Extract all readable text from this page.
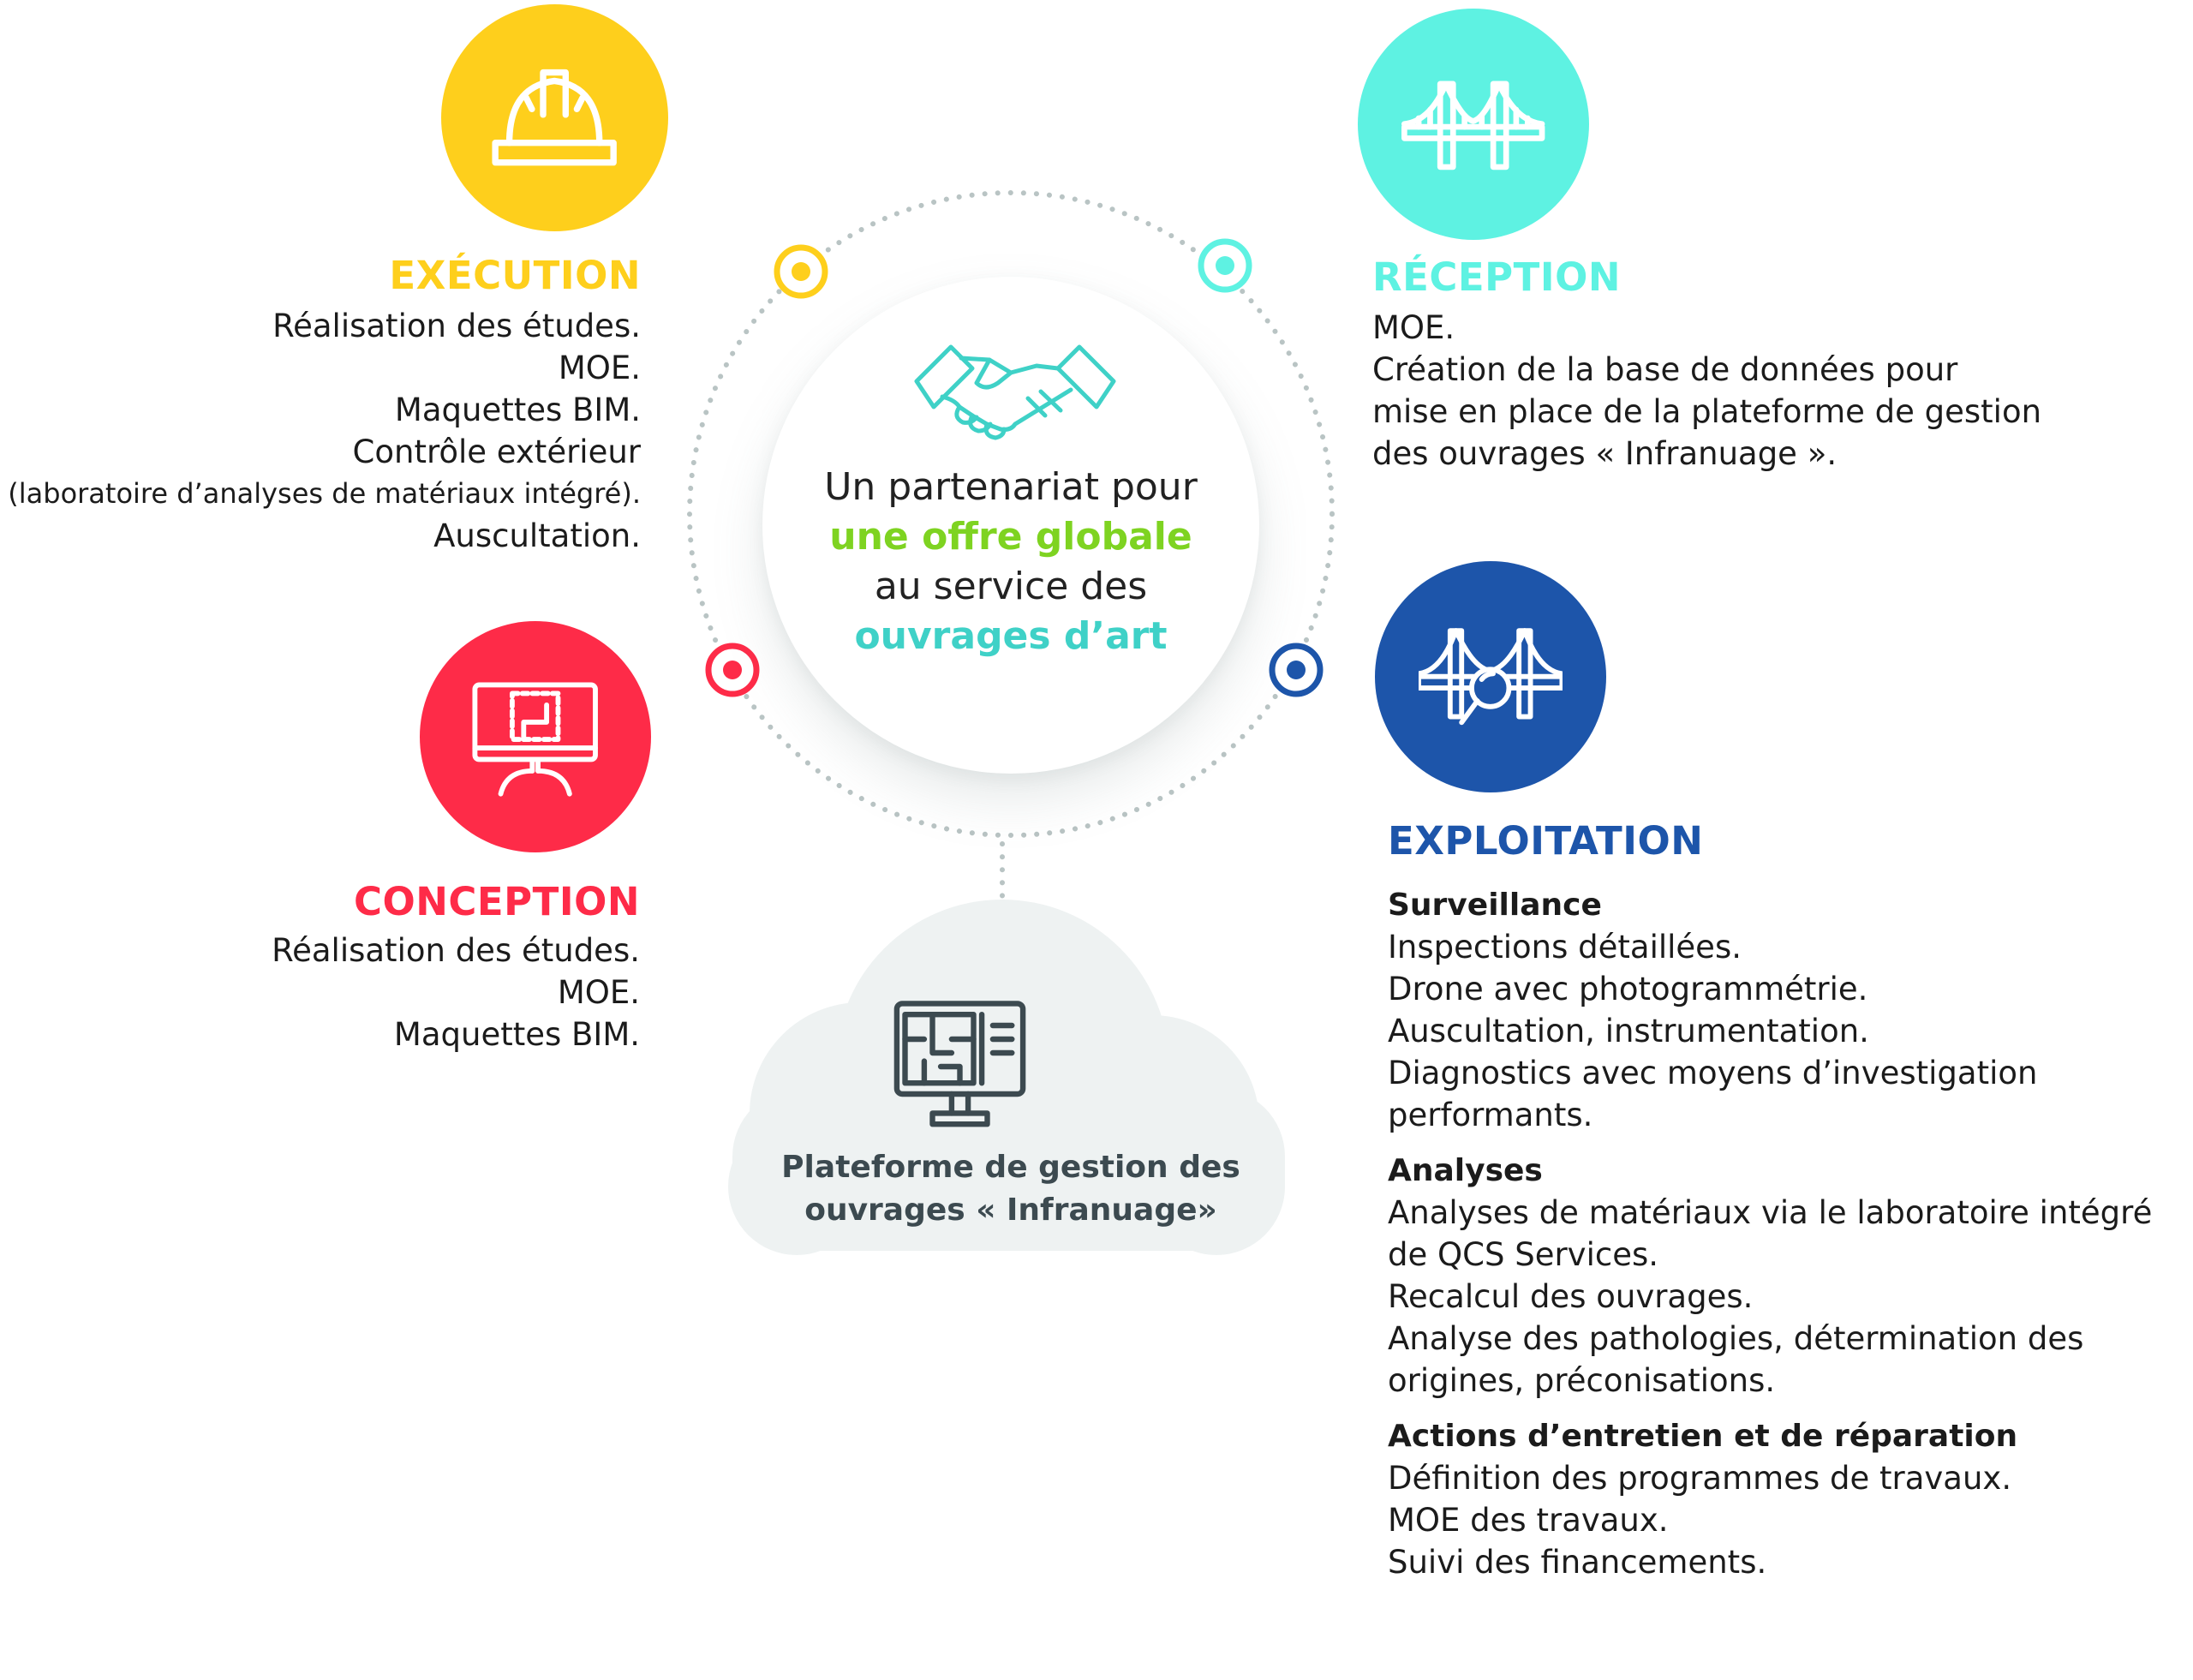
Un partenariat pour
une offre globale
au service des
ouvrages d’art
EXÉCUTION
Réalisation des études.
MOE.
Maquettes BIM.
Contrôle extérieur
(laboratoire d’analyses de matériaux intégré).
Auscultation.
RÉCEPTION
MOE.
Création de la base de données pour
mise en place de la plateforme de gestion
des ouvrages « Infranuage ».
CONCEPTION
Réalisation des études.
MOE.
Maquettes BIM.
EXPLOITATION

Surveillance

Inspections détaillées.
Drone avec photogrammétrie.
Auscultation, instrumentation.
Diagnostics avec moyens d’investigation
performants.

Analyses

Analyses de matériaux via le laboratoire intégré
de QCS Services.
Recalcul des ouvrages.
Analyse des pathologies, détermination des
origines, préconisations.

Actions d’entretien et de réparation

Définition des programmes de travaux.
MOE des travaux.
Suivi des financements.
Plateforme de gestion des
ouvrages « Infranuage»
